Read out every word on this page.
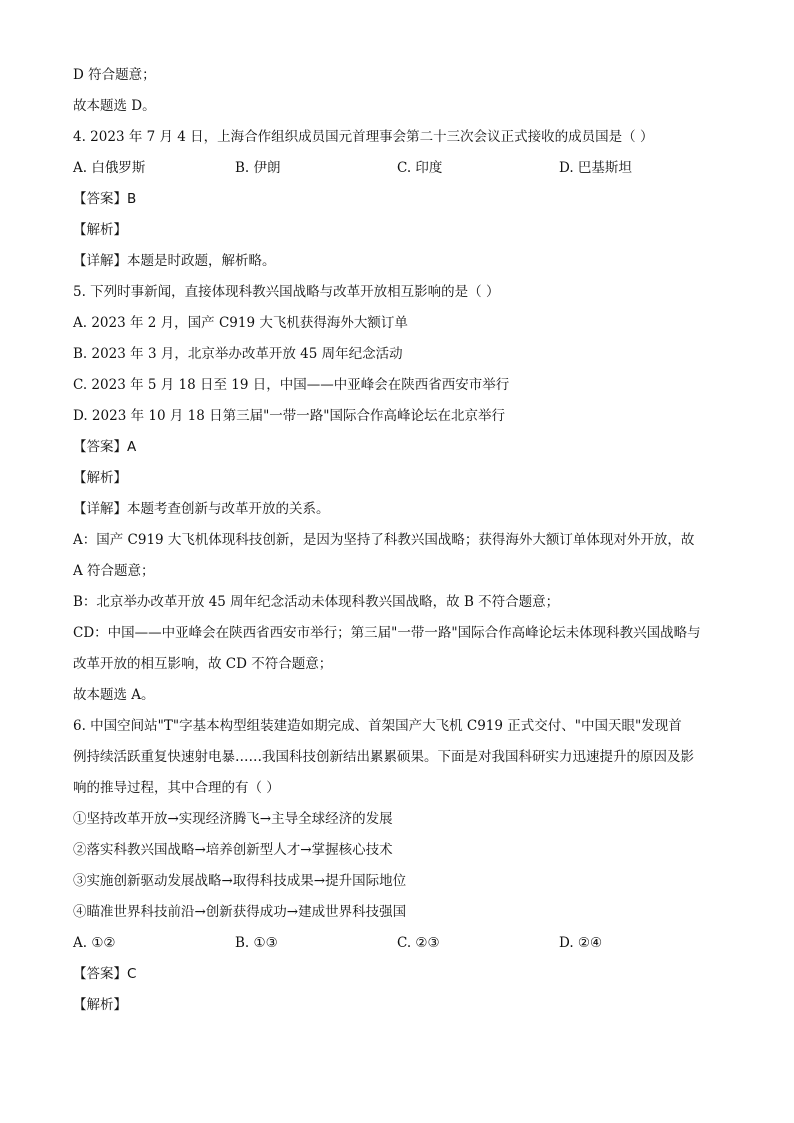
D 符合题意；
故本题选 D。
4. 2023 年 7 月 4 日，上海合作组织成员国元首理事会第二十三次会议正式接收的成员国是（ ）
A. 白俄罗斯	B. 伊朗	C. 印度	D. 巴基斯坦
【答案】B
【解析】
【详解】本题是时政题，解析略。
5. 下列时事新闻，直接体现科教兴国战略与改革开放相互影响的是（ ）
A. 2023 年 2 月，国产 C919 大飞机获得海外大额订单
B. 2023 年 3 月，北京举办改革开放 45 周年纪念活动
C. 2023 年 5 月 18 日至 19 日，中国——中亚峰会在陕西省西安市举行
D. 2023 年 10 月 18 日第三届"一带一路"国际合作高峰论坛在北京举行
【答案】A
【解析】
【详解】本题考查创新与改革开放的关系。
A：国产 C919 大飞机体现科技创新，是因为坚持了科教兴国战略；获得海外大额订单体现对外开放，故
A 符合题意；
B：北京举办改革开放 45 周年纪念活动未体现科教兴国战略，故 B 不符合题意；
CD：中国——中亚峰会在陕西省西安市举行；第三届"一带一路"国际合作高峰论坛未体现科教兴国战略与
改革开放的相互影响，故 CD 不符合题意；
故本题选 A。
6. 中国空间站"T"字基本构型组装建造如期完成、首架国产大飞机 C919 正式交付、"中国天眼"发现首
例持续活跃重复快速射电暴……我国科技创新结出累累硕果。下面是对我国科研实力迅速提升的原因及影
响的推导过程，其中合理的有（ ）
①坚持改革开放→实现经济腾飞→主导全球经济的发展
②落实科教兴国战略→培养创新型人才→掌握核心技术
③实施创新驱动发展战略→取得科技成果→提升国际地位
④瞄准世界科技前沿→创新获得成功→建成世界科技强国
A. ①②	B. ①③	C. ②③	D. ②④
【答案】C
【解析】
